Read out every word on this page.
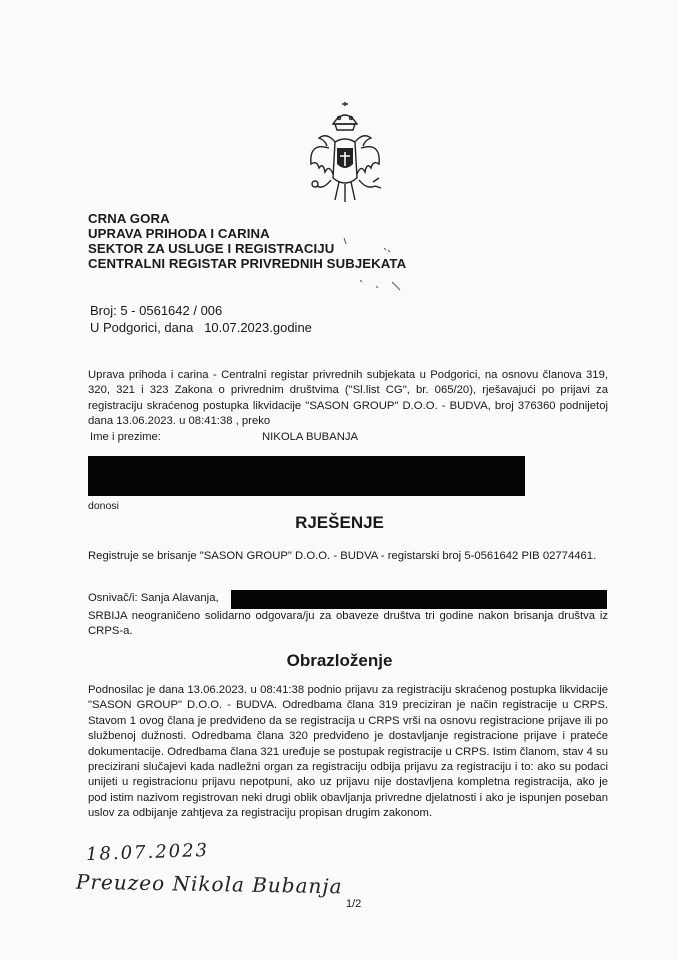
CRNA GORA
UPRAVA PRIHODA I CARINA
SEKTOR ZA USLUGE I REGISTRACIJU
CENTRALNI REGISTAR PRIVREDNIH SUBJEKATA
Broj: 5 - 0561642 / 006
U Podgorici, dana 10.07.2023.godine
Uprava prihoda i carina - Centralni registar privrednih subjekata u Podgorici, na osnovu članova 319, 320, 321 i 323 Zakona o privrednim društvima ("Sl.list CG", br. 065/20), rješavajući po prijavi za registraciju skraćenog postupka likvidacije "SASON GROUP" D.O.O. - BUDVA, broj 376360 podnijetoj dana 13.06.2023. u 08:41:38 , preko
Ime i prezime:	NIKOLA BUBANJA
donosi
RJEŠENJE
Registruje se brisanje "SASON GROUP" D.O.O. - BUDVA - registarski broj 5-0561642 PIB 02774461.
Osnivač/i: Sanja Alavanja,
SRBIJA neograničeno solidarno odgovara/ju za obaveze društva tri godine nakon brisanja društva iz CRPS-a.
Obrazloženje
Podnosilac je dana 13.06.2023. u 08:41:38 podnio prijavu za registraciju skraćenog postupka likvidacije "SASON GROUP" D.O.O. - BUDVA. Odredbama člana 319 preciziran je način registracije u CRPS. Stavom 1 ovog člana je predviđeno da se registracija u CRPS vrši na osnovu registracione prijave ili po službenoj dužnosti. Odredbama člana 320 predviđeno je dostavljanje registracione prijave i prateće dokumentacije. Odredbama člana 321 uređuje se postupak registracije u CRPS. Istim članom, stav 4 su precizirani slučajevi kada nadležni organ za registraciju odbija prijavu za registraciju i to: ako su podaci unijeti u registracionu prijavu nepotpuni, ako uz prijavu nije dostavljena kompletna registracija, ako je pod istim nazivom registrovan neki drugi oblik obavljanja privredne djelatnosti i ako je ispunjen poseban uslov za odbijanje zahtjeva za registraciju propisan drugim zakonom.
18.07.2023
Preuzeo Nikola Bubanja
1/2
